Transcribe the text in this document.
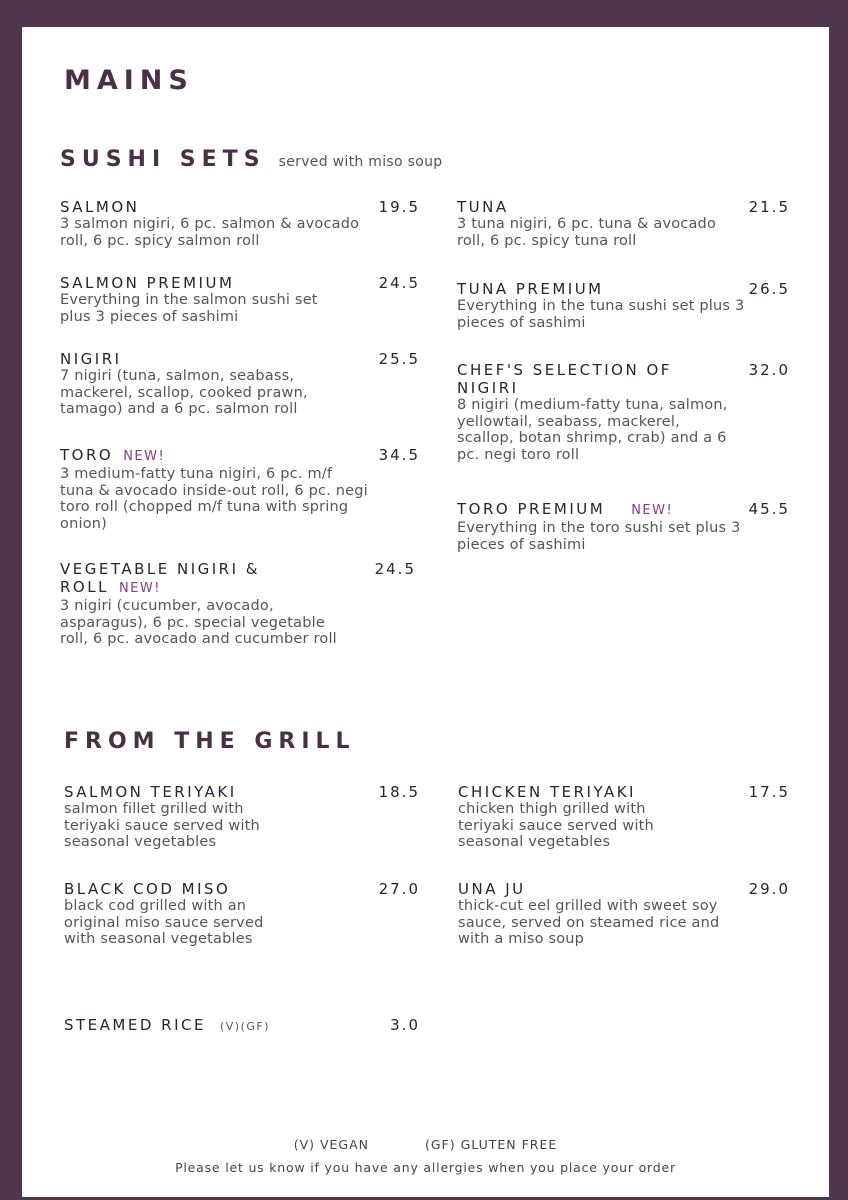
MAINS
SUSHI SETS served with miso soup
SALMON	19.5
3 salmon nigiri, 6 pc. salmon & avocado roll, 6 pc. spicy salmon roll
SALMON PREMIUM	24.5
Everything in the salmon sushi set plus 3 pieces of sashimi
NIGIRI	25.5
7 nigiri (tuna, salmon, seabass, mackerel, scallop, cooked prawn, tamago) and a 6 pc. salmon roll
TORO NEW!	34.5
3 medium-fatty tuna nigiri, 6 pc. m/f tuna & avocado inside-out roll, 6 pc. negi toro roll (chopped m/f tuna with spring onion)
VEGETABLE NIGIRI & ROLL NEW!
24.5
3 nigiri (cucumber, avocado, asparagus), 6 pc. special vegetable roll, 6 pc. avocado and cucumber roll
TUNA	21.5
3 tuna nigiri, 6 pc. tuna & avocado roll, 6 pc. spicy tuna roll
TUNA PREMIUM	26.5
Everything in the tuna sushi set plus 3 pieces of sashimi
CHEF'S SELECTION OF NIGIRI
32.0
8 nigiri (medium-fatty tuna, salmon, yellowtail, seabass, mackerel, scallop, botan shrimp, crab) and a 6 pc. negi toro roll
TORO PREMIUM NEW!	45.5
Everything in the toro sushi set plus 3 pieces of sashimi
FROM THE GRILL
SALMON TERIYAKI	18.5
salmon fillet grilled with teriyaki sauce served with seasonal vegetables
BLACK COD MISO	27.0
black cod grilled with an original miso sauce served with seasonal vegetables
CHICKEN TERIYAKI	17.5
chicken thigh grilled with teriyaki sauce served with seasonal vegetables
UNA JU	29.0
thick-cut eel grilled with sweet soy sauce, served on steamed rice and with a miso soup
STEAMED RICE (V)(GF)	3.0
(V) VEGAN	(GF) GLUTEN FREE
Please let us know if you have any allergies when you place your order
